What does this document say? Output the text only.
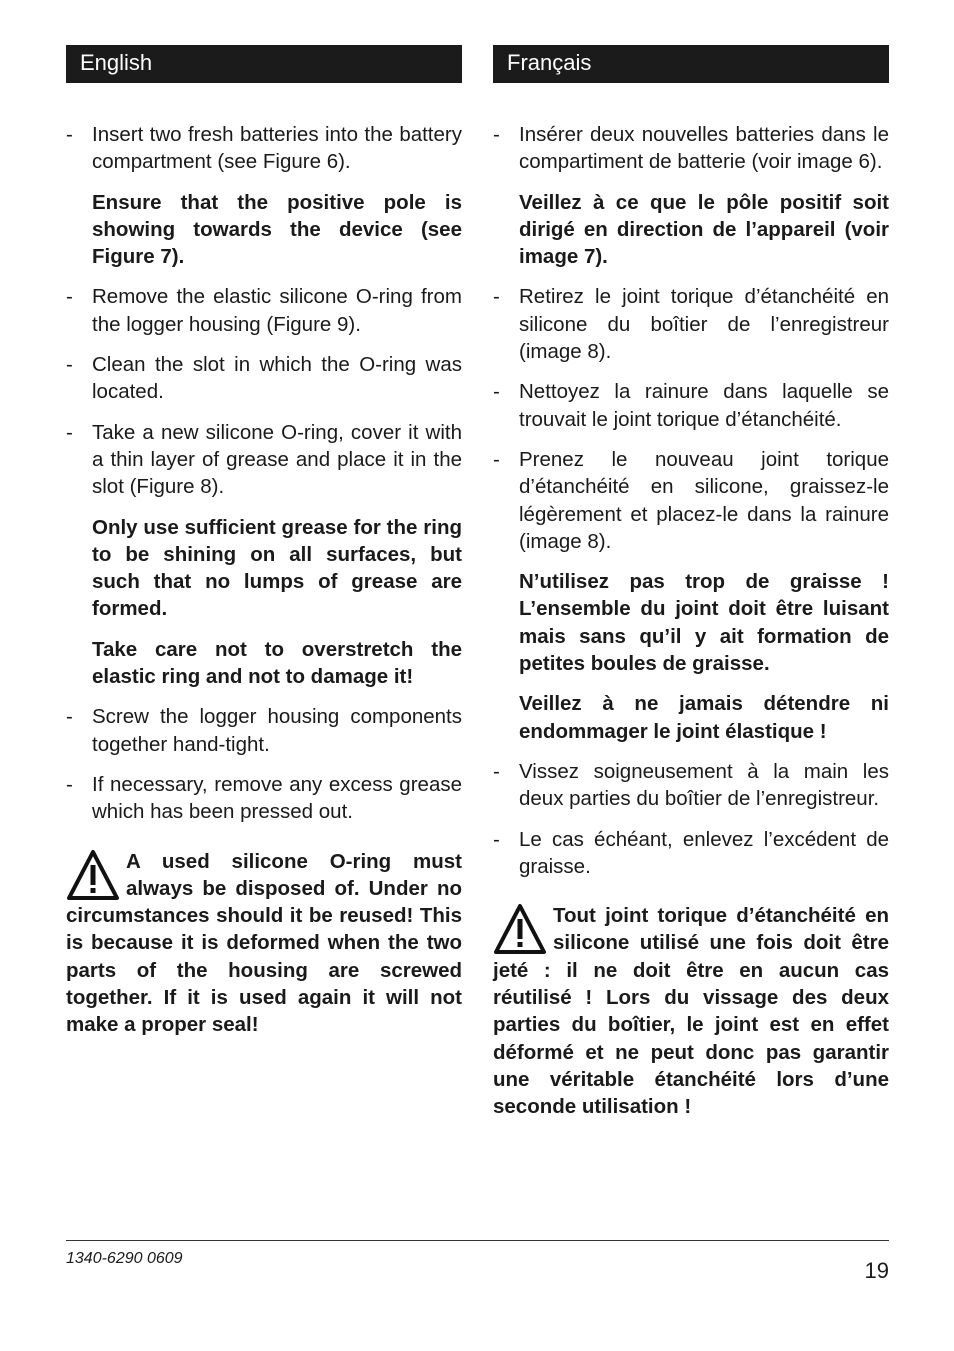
English
- Insert two fresh batteries into the battery compartment (see Figure 6).
Ensure that the positive pole is showing towards the device (see Figure 7).
- Remove the elastic silicone O-ring from the logger housing (Figure 9).
- Clean the slot in which the O-ring was located.
- Take a new silicone O-ring, cover it with a thin layer of grease and place it in the slot (Figure 8).
Only use sufficient grease for the ring to be shining on all surfaces, but such that no lumps of grease are formed.
Take care not to overstretch the elastic ring and not to damage it!
- Screw the logger housing components together hand-tight.
- If necessary, remove any excess grease which has been pressed out.
A used silicone O-ring must always be disposed of. Under no circumstances should it be reused! This is because it is deformed when the two parts of the housing are screwed together. If it is used again it will not make a proper seal!
Français
- Insérer deux nouvelles batteries dans le compartiment de batterie (voir image 6).
Veillez à ce que le pôle positif soit dirigé en direction de l’appareil (voir image 7).
- Retirez le joint torique d’étanchéité en silicone du boîtier de l’enregistreur (image 8).
- Nettoyez la rainure dans laquelle se trouvait le joint torique d’étanchéité.
- Prenez le nouveau joint torique d’étanchéité en silicone, graissez-le légèrement et placez-le dans la rainure (image 8).
N’utilisez pas trop de graisse ! L’ensemble du joint doit être luisant mais sans qu’il y ait formation de petites boules de graisse.
Veillez à ne jamais détendre ni endommager le joint élastique !
- Vissez soigneusement à la main les deux parties du boîtier de l’enregistreur.
- Le cas échéant, enlevez l’excédent de graisse.
Tout joint torique d’étanchéité en silicone utilisé une fois doit être jeté : il ne doit être en aucun cas réutilisé ! Lors du vissage des deux parties du boîtier, le joint est en effet déformé et ne peut donc pas garantir une véritable étanchéité lors d’une seconde utilisation !
1340-6290 0609	19
